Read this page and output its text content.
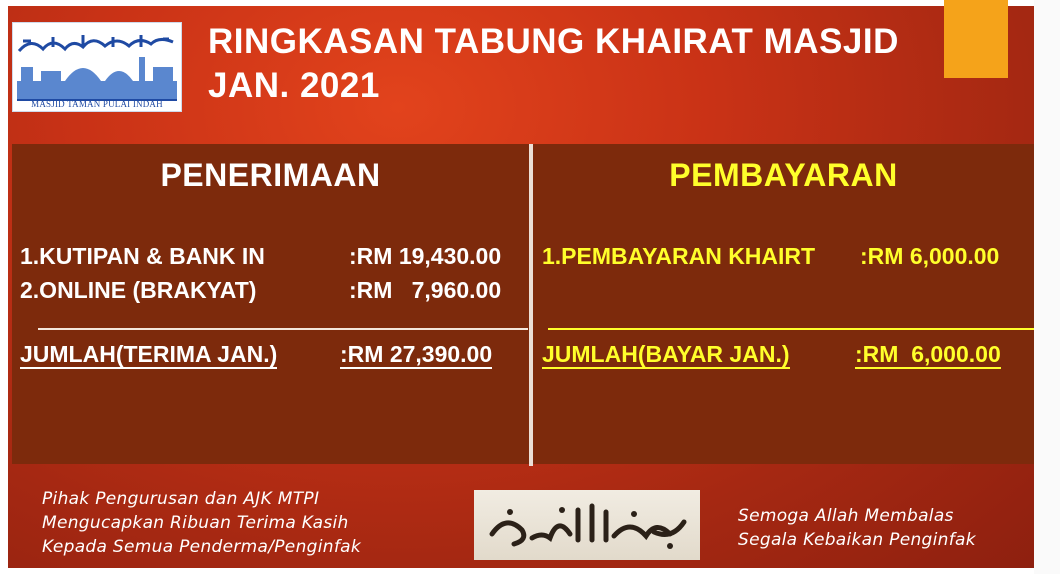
MASJID TAMAN PULAI INDAH
RINGKASAN TABUNG KHAIRAT MASJID
JAN. 2021
PENERIMAAN	PEMBAYARAN
1.KUTIPAN & BANK IN	:RM 19,430.00
2.ONLINE (BRAKYAT)	:RM   7,960.00
JUMLAH(TERIMA JAN.)	:RM 27,390.00
1.PEMBAYARAN KHAIRT :RM 6,000.00
JUMLAH(BAYAR JAN.)	:RM  6,000.00
Pihak Pengurusan dan AJK MTPI
Mengucapkan Ribuan Terima Kasih
Kepada Semua Penderma/Penginfak
Semoga Allah Membalas
Segala Kebaikan Penginfak
